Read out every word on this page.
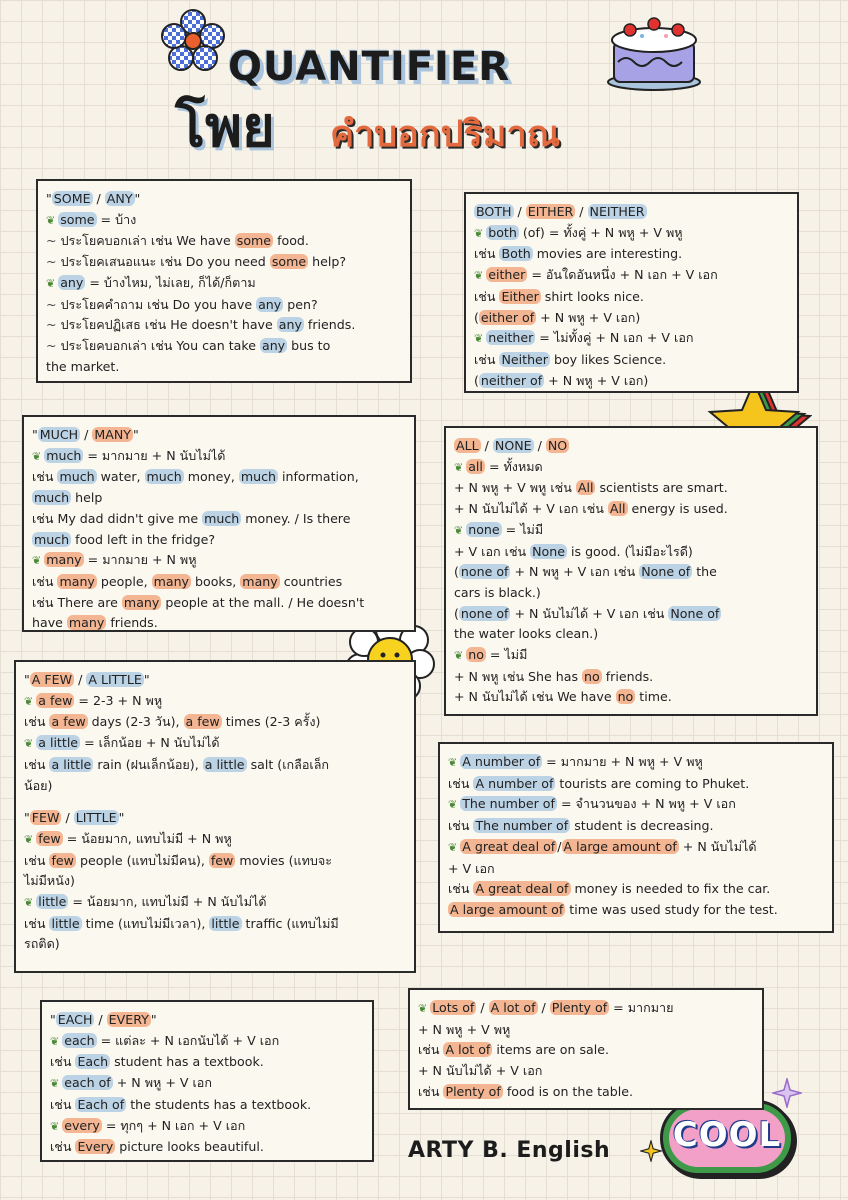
COOL
QUANTIFIER
โพย คำบอกปริมาณ
" SOME / ANY "
❦ some = บ้าง
~ ประโยคบอกเล่า เช่น We have some food.
~ ประโยคเสนอแนะ เช่น Do you need some help?
❦ any = บ้างไหม, ไม่เลย, ก็ได้/ก็ตาม
~ ประโยคคำถาม เช่น Do you have any pen?
~ ประโยคปฏิเสธ เช่น He doesn't have any friends.
~ ประโยคบอกเล่า เช่น You can take any bus to
the market.
BOTH / EITHER / NEITHER
❦ both (of) = ทั้งคู่ + N พหู + V พหู
เช่น Both movies are interesting.
❦ either = อันใดอันหนึ่ง + N เอก + V เอก
เช่น Either shirt looks nice.
( either of + N พหู + V เอก)
❦ neither = ไม่ทั้งคู่ + N เอก + V เอก
เช่น Neither boy likes Science.
( neither of + N พหู + V เอก)
" MUCH / MANY "
❦ much = มากมาย + N นับไม่ได้
เช่น much water, much money, much information,
much help
เช่น My dad didn't give me much money. / Is there
much food left in the fridge?
❦ many = มากมาย + N พหู
เช่น many people, many books, many countries
เช่น There are many people at the mall. / He doesn't
have many friends.
ALL / NONE / NO
❦ all = ทั้งหมด
+ N พหู + V พหู เช่น All scientists are smart.
+ N นับไม่ได้ + V เอก เช่น All energy is used.
❦ none = ไม่มี
+ V เอก เช่น None is good. (ไม่มีอะไรดี)
( none of + N พหู + V เอก เช่น None of the
cars is black.)
( none of + N นับไม่ได้ + V เอก เช่น None of
the water looks clean.)
❦ no = ไม่มี
+ N พหู เช่น She has no friends.
+ N นับไม่ได้ เช่น We have no time.
" A FEW / A LITTLE "
❦ a few = 2-3 + N พหู
เช่น a few days (2-3 วัน), a few times (2-3 ครั้ง)
❦ a little = เล็กน้อย + N นับไม่ได้
เช่น a little rain (ฝนเล็กน้อย), a little salt (เกลือเล็ก
น้อย)
" FEW / LITTLE "
❦ few = น้อยมาก, แทบไม่มี + N พหู
เช่น few people (แทบไม่มีคน), few movies (แทบจะ
ไม่มีหนัง)
❦ little = น้อยมาก, แทบไม่มี + N นับไม่ได้
เช่น little time (แทบไม่มีเวลา), little traffic (แทบไม่มี
รถติด)
❦ A number of = มากมาย + N พหู + V พหู
เช่น A number of tourists are coming to Phuket.
❦ The number of = จำนวนของ + N พหู + V เอก
เช่น The number of student is decreasing.
❦ A great deal of / A large amount of + N นับไม่ได้
+ V เอก
เช่น A great deal of money is needed to fix the car.
A large amount of time was used study for the test.
" EACH / EVERY "
❦ each = แต่ละ + N เอกนับได้ + V เอก
เช่น Each student has a textbook.
❦ each of + N พหู + V เอก
เช่น Each of the students has a textbook.
❦ every = ทุกๆ + N เอก + V เอก
เช่น Every picture looks beautiful.
❦ Lots of / A lot of / Plenty of = มากมาย
+ N พหู + V พหู
เช่น A lot of items are on sale.
+ N นับไม่ได้ + V เอก
เช่น Plenty of food is on the table.
ARTY B. English
